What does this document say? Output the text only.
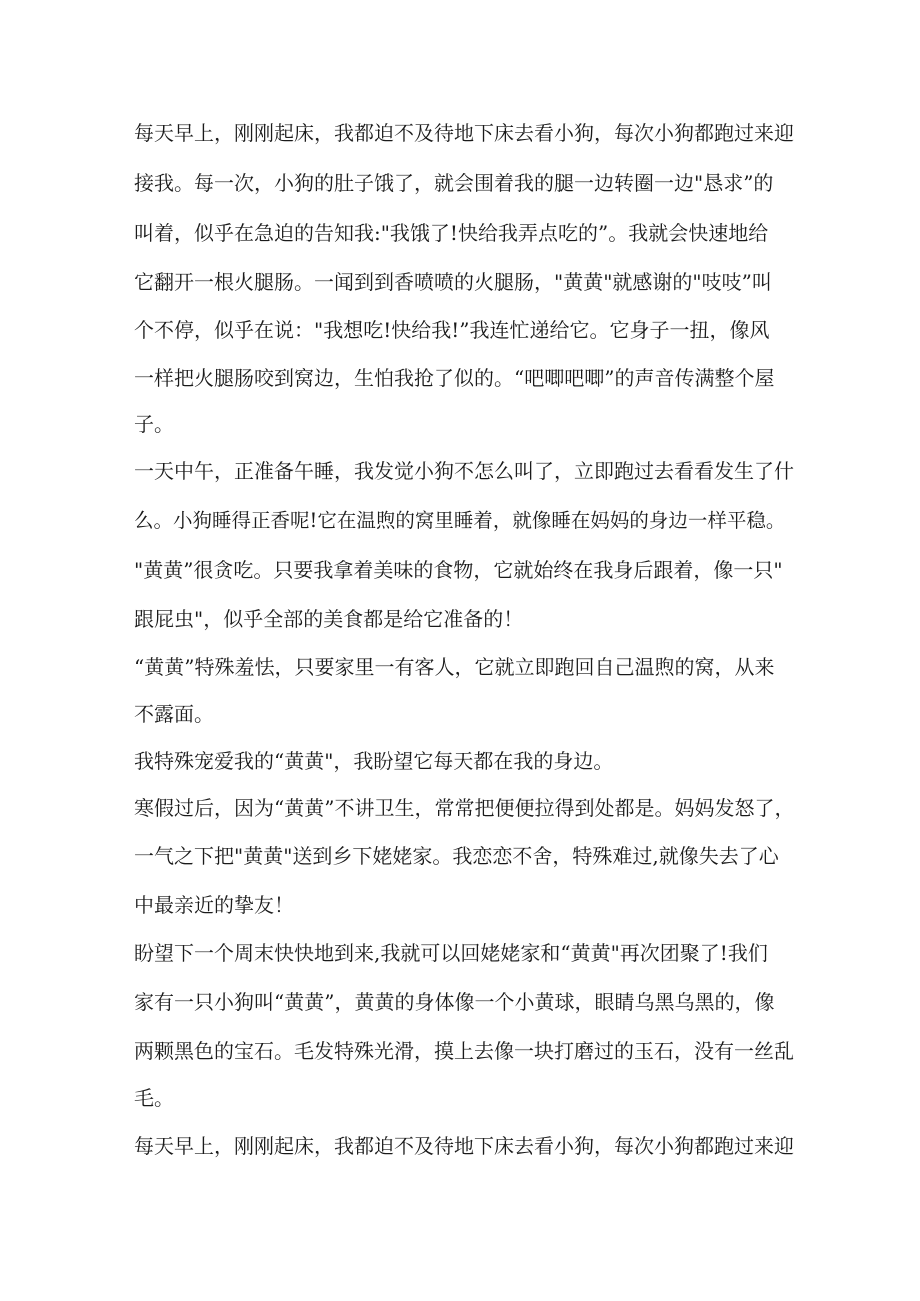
每天早上，刚刚起床，我都迫不及待地下床去看小狗，每次小狗都跑过来迎
接我。每一次，小狗的肚子饿了，就会围着我的腿一边转圈一边"恳求”的
叫着，似乎在急迫的告知我:"我饿了!快给我弄点吃的”。我就会快速地给
它翻开一根火腿肠。一闻到到香喷喷的火腿肠，"黄黄"就感谢的"吱吱”叫
个不停，似乎在说："我想吃!快给我!”我连忙递给它。它身子一扭，像风
一样把火腿肠咬到窝边，生怕我抢了似的。“吧唧吧唧”的声音传满整个屋
子。
一天中午，正准备午睡，我发觉小狗不怎么叫了，立即跑过去看看发生了什
么。小狗睡得正香呢!它在温煦的窝里睡着，就像睡在妈妈的身边一样平稳。
"黄黄”很贪吃。只要我拿着美味的食物，它就始终在我身后跟着，像一只"
跟屁虫"，似乎全部的美食都是给它准备的！
“黄黄”特殊羞怯，只要家里一有客人，它就立即跑回自己温煦的窝，从来
不露面。
我特殊宠爱我的“黄黄"，我盼望它每天都在我的身边。
寒假过后，因为“黄黄”不讲卫生，常常把便便拉得到处都是。妈妈发怒了，
一气之下把"黄黄"送到乡下姥姥家。我恋恋不舍，特殊难过,就像失去了心
中最亲近的挚友！
盼望下一个周末快快地到来,我就可以回姥姥家和“黄黄"再次团聚了!我们
家有一只小狗叫“黄黄”，黄黄的身体像一个小黄球，眼睛乌黑乌黑的，像
两颗黑色的宝石。毛发特殊光滑，摸上去像一块打磨过的玉石，没有一丝乱
毛。
每天早上，刚刚起床，我都迫不及待地下床去看小狗，每次小狗都跑过来迎
